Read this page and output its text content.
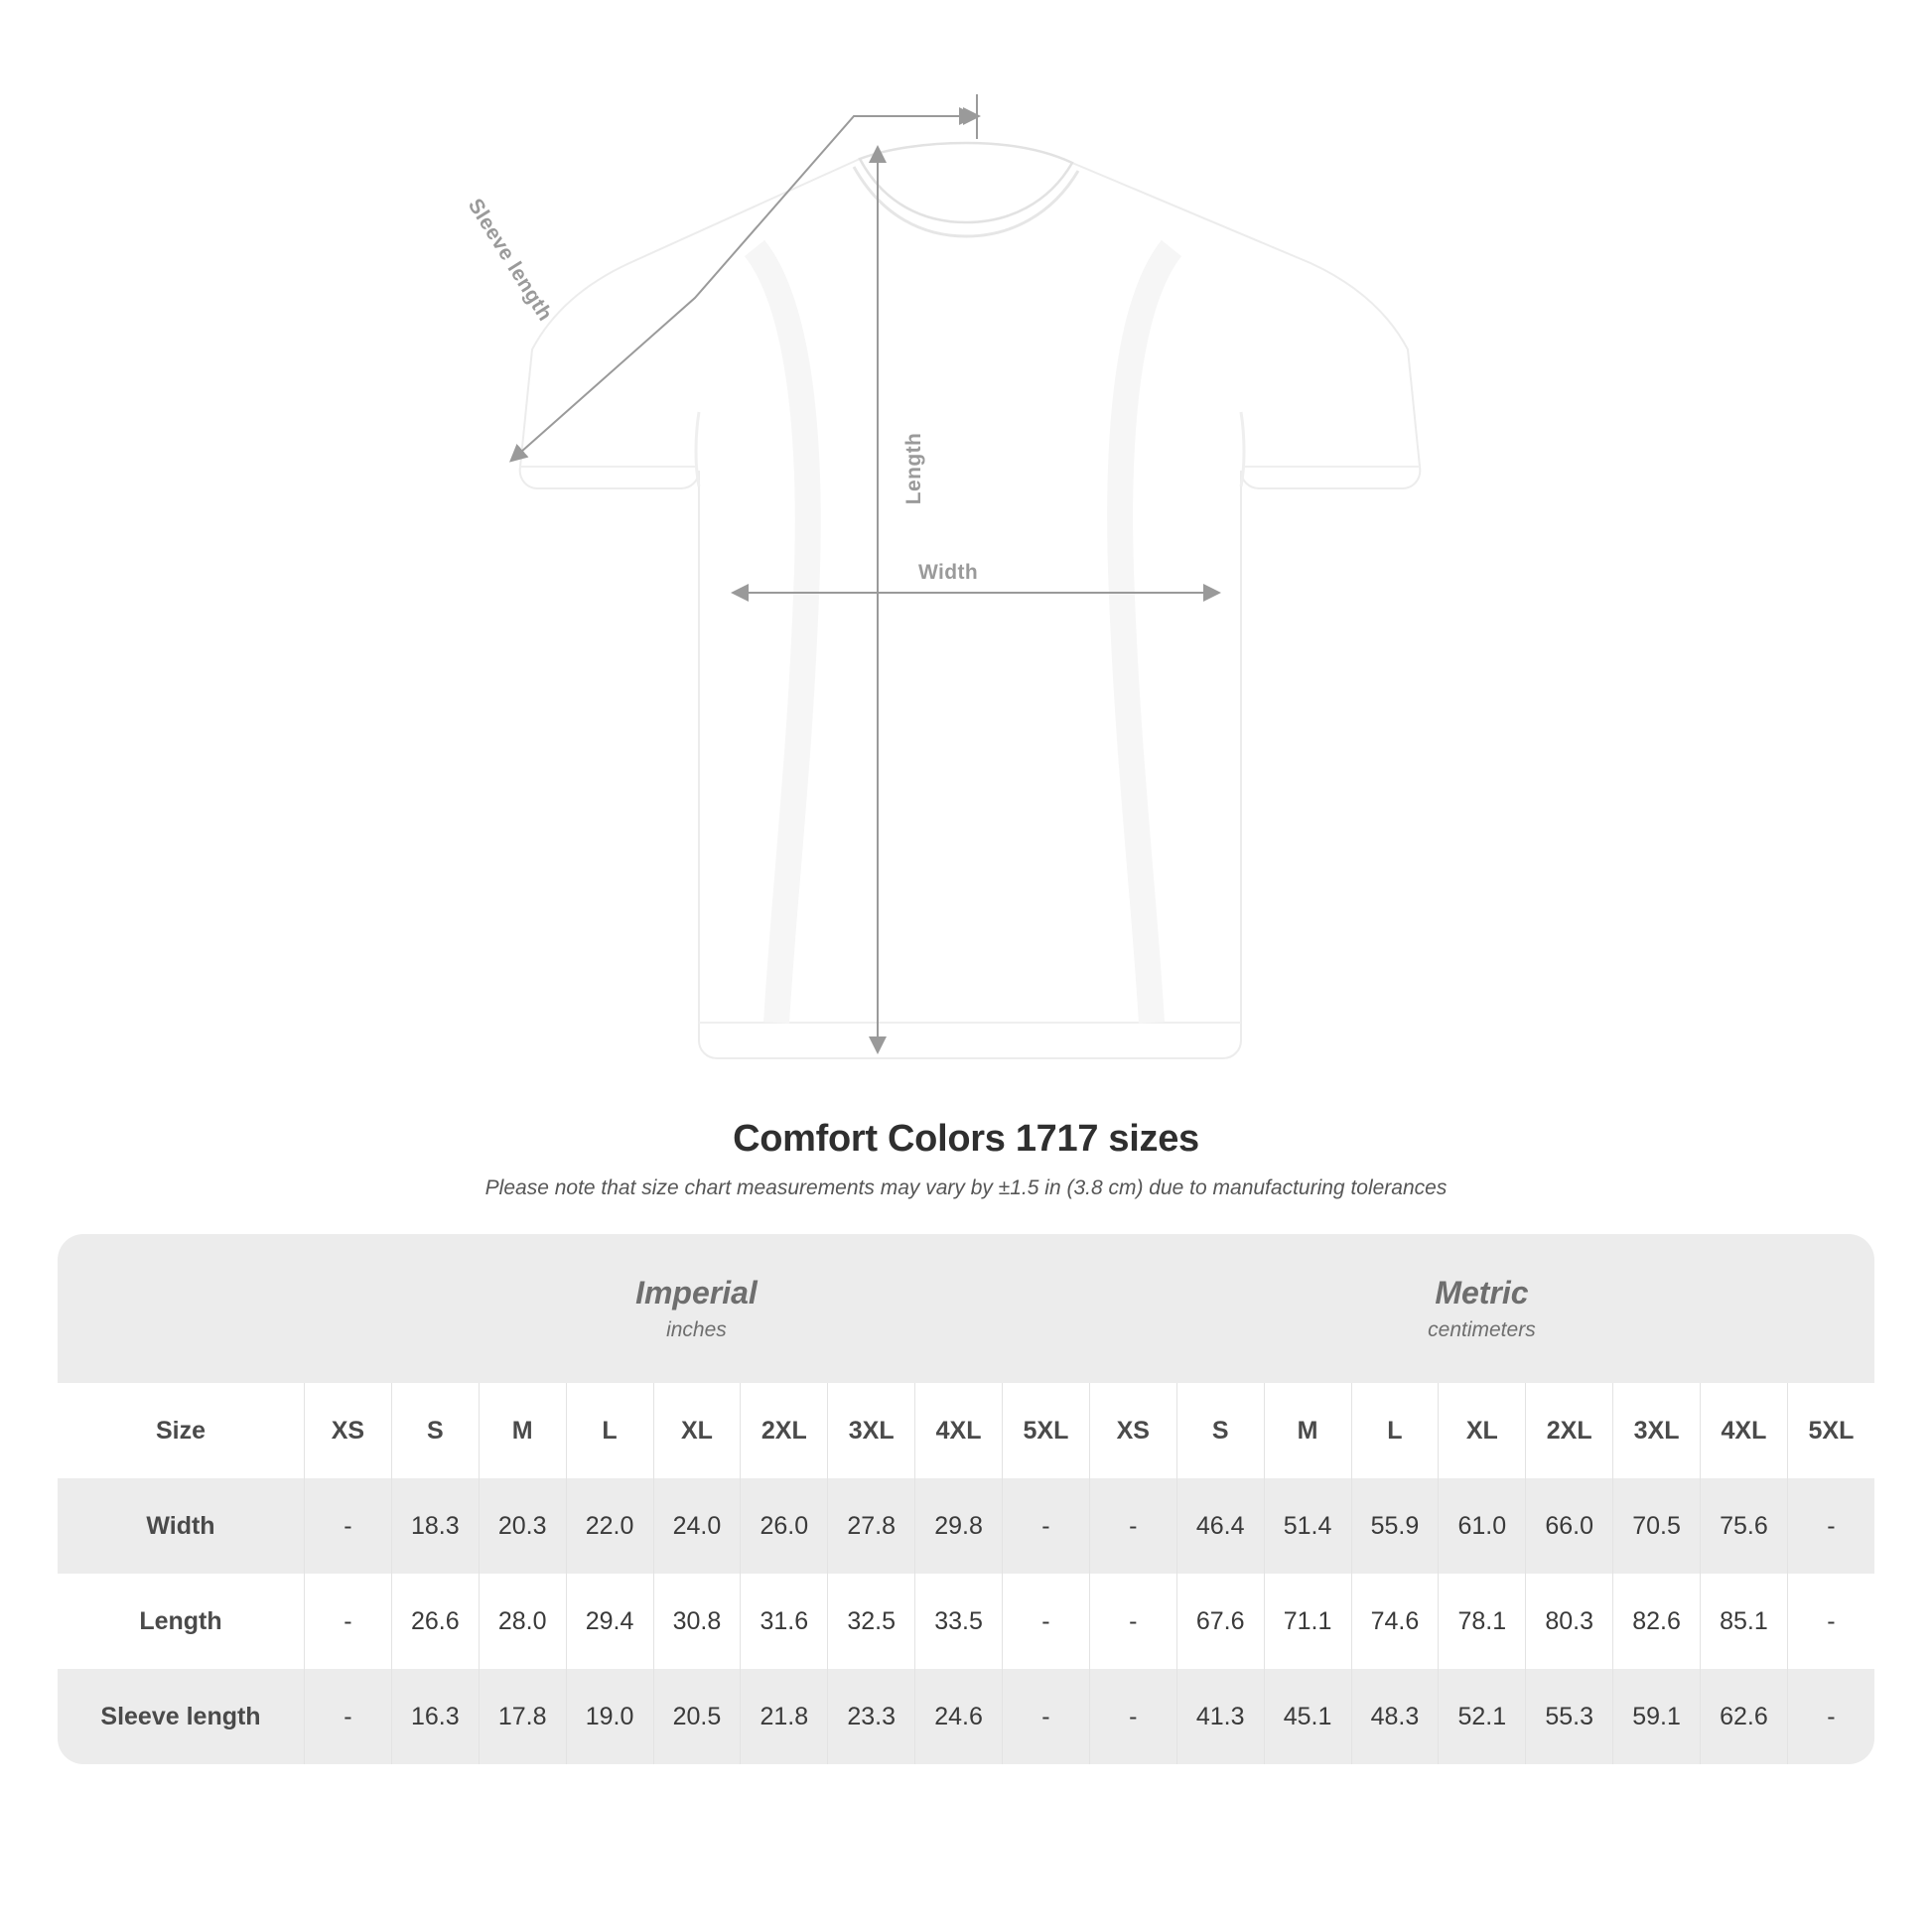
Sleeve length
Length
Width
Comfort Colors 1717 sizes
Please note that size chart measurements may vary by ±1.5 in (3.8 cm) due to manufacturing tolerances

Imperial
inches

Metric
centimeters

Size	XS	S	M	L	XL	2XL	3XL	4XL	5XL	XS	S	M	L	XL	2XL	3XL	4XL	5XL

Width	-	18.3	20.3	22.0	24.0	26.0	27.8	29.8	-	-	46.4	51.4	55.9	61.0	66.0	70.5	75.6	-

Length	-	26.6	28.0	29.4	30.8	31.6	32.5	33.5	-	-	67.6	71.1	74.6	78.1	80.3	82.6	85.1	-

Sleeve length	-	16.3	17.8	19.0	20.5	21.8	23.3	24.6	-	-	41.3	45.1	48.3	52.1	55.3	59.1	62.6	-
